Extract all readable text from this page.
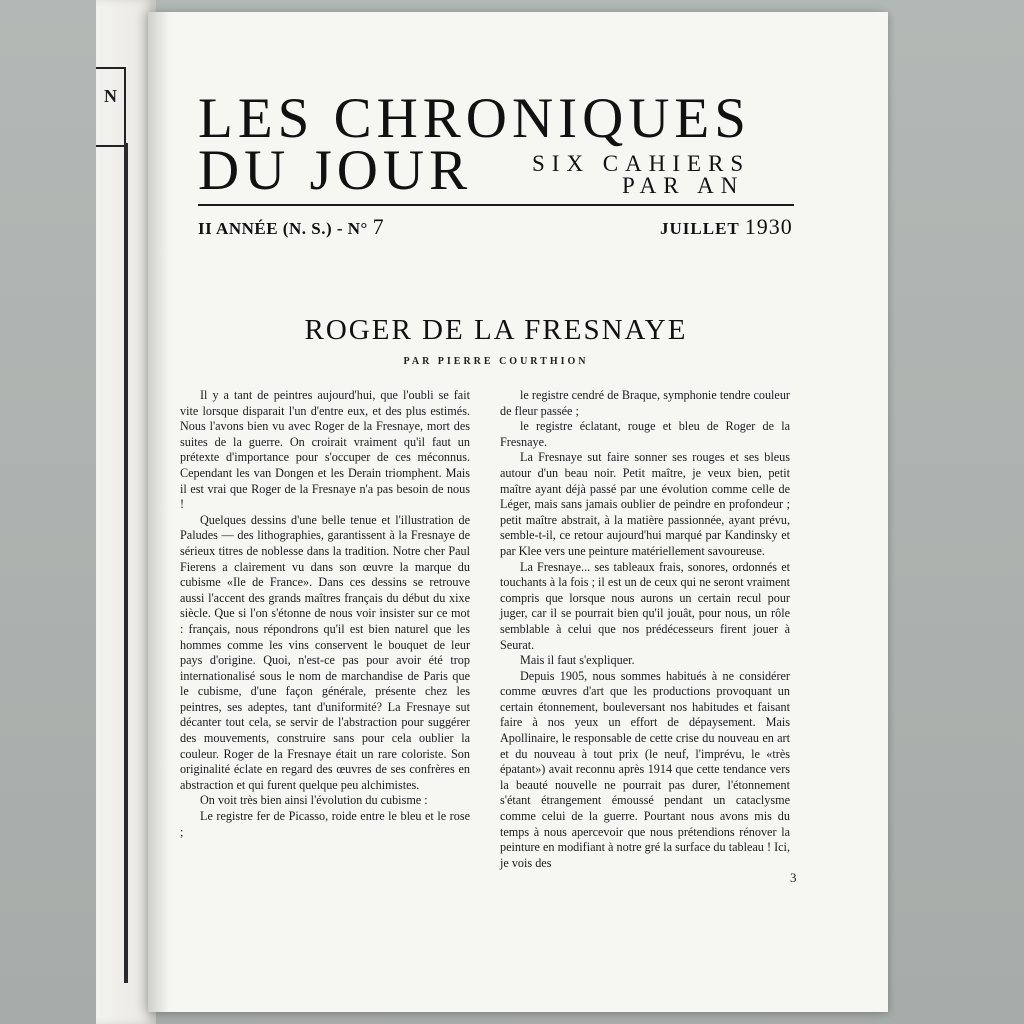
N LES CHRONIQUES
DU JOUR	SIX CAHIERS
PAR AN
II ANNÉE (N. S.) - N° 7	JUILLET 1930
ROGER DE LA FRESNAYE
PAR PIERRE COURTHION

Il y a tant de peintres aujourd'hui, que l'oubli se fait vite lorsque disparait l'un d'entre eux, et des plus estimés. Nous l'avons bien vu avec Roger de la Fresnaye, mort des suites de la guerre. On croirait vraiment qu'il faut un prétexte d'importance pour s'occuper de ces méconnus. Cependant les van Dongen et les Derain triomphent. Mais il est vrai que Roger de la Fresnaye n'a pas besoin de nous !

Quelques dessins d'une belle tenue et l'illustration de Paludes — des lithographies, garantissent à la Fresnaye de sérieux titres de noblesse dans la tradition. Notre cher Paul Fierens a clairement vu dans son œuvre la marque du cubisme «Ile de France». Dans ces dessins se retrouve aussi l'accent des grands maîtres français du début du xixe siècle. Que si l'on s'étonne de nous voir insister sur ce mot : français, nous répondrons qu'il est bien naturel que les hommes comme les vins conservent le bouquet de leur pays d'origine. Quoi, n'est-ce pas pour avoir été trop internationalisé sous le nom de marchandise de Paris que le cubisme, d'une façon générale, présente chez les peintres, ses adeptes, tant d'uniformité? La Fresnaye sut décanter tout cela, se servir de l'abstraction pour suggérer des mouvements, construire sans pour cela oublier la couleur. Roger de la Fresnaye était un rare coloriste. Son originalité éclate en regard des œuvres de ses confrères en abstraction et qui furent quelque peu alchimistes.

On voit très bien ainsi l'évolution du cubisme :

Le registre fer de Picasso, roide entre le bleu et le rose ;

le registre cendré de Braque, symphonie tendre couleur de fleur passée ;

le registre éclatant, rouge et bleu de Roger de la Fresnaye.

La Fresnaye sut faire sonner ses rouges et ses bleus autour d'un beau noir. Petit maître, je veux bien, petit maître ayant déjà passé par une évolution comme celle de Léger, mais sans jamais oublier de peindre en profondeur ; petit maître abstrait, à la matière passionnée, ayant prévu, semble-t-il, ce retour aujourd'hui marqué par Kandinsky et par Klee vers une peinture matériellement savoureuse.

La Fresnaye... ses tableaux frais, sonores, ordonnés et touchants à la fois ; il est un de ceux qui ne seront vraiment compris que lorsque nous aurons un certain recul pour juger, car il se pourrait bien qu'il jouât, pour nous, un rôle semblable à celui que nos prédécesseurs firent jouer à Seurat.

Mais il faut s'expliquer.

Depuis 1905, nous sommes habitués à ne considérer comme œuvres d'art que les productions provoquant un certain étonnement, bouleversant nos habitudes et faisant faire à nos yeux un effort de dépaysement. Mais Apollinaire, le responsable de cette crise du nouveau en art et du nouveau à tout prix (le neuf, l'imprévu, le «très épatant») avait reconnu après 1914 que cette tendance vers la beauté nouvelle ne pourrait pas durer, l'étonnement s'étant étrangement émoussé pendant un cataclysme comme celui de la guerre. Pourtant nous avons mis du temps à nous apercevoir que nous prétendions rénover la peinture en modifiant à notre gré la surface du tableau ! Ici, je vois des

3
